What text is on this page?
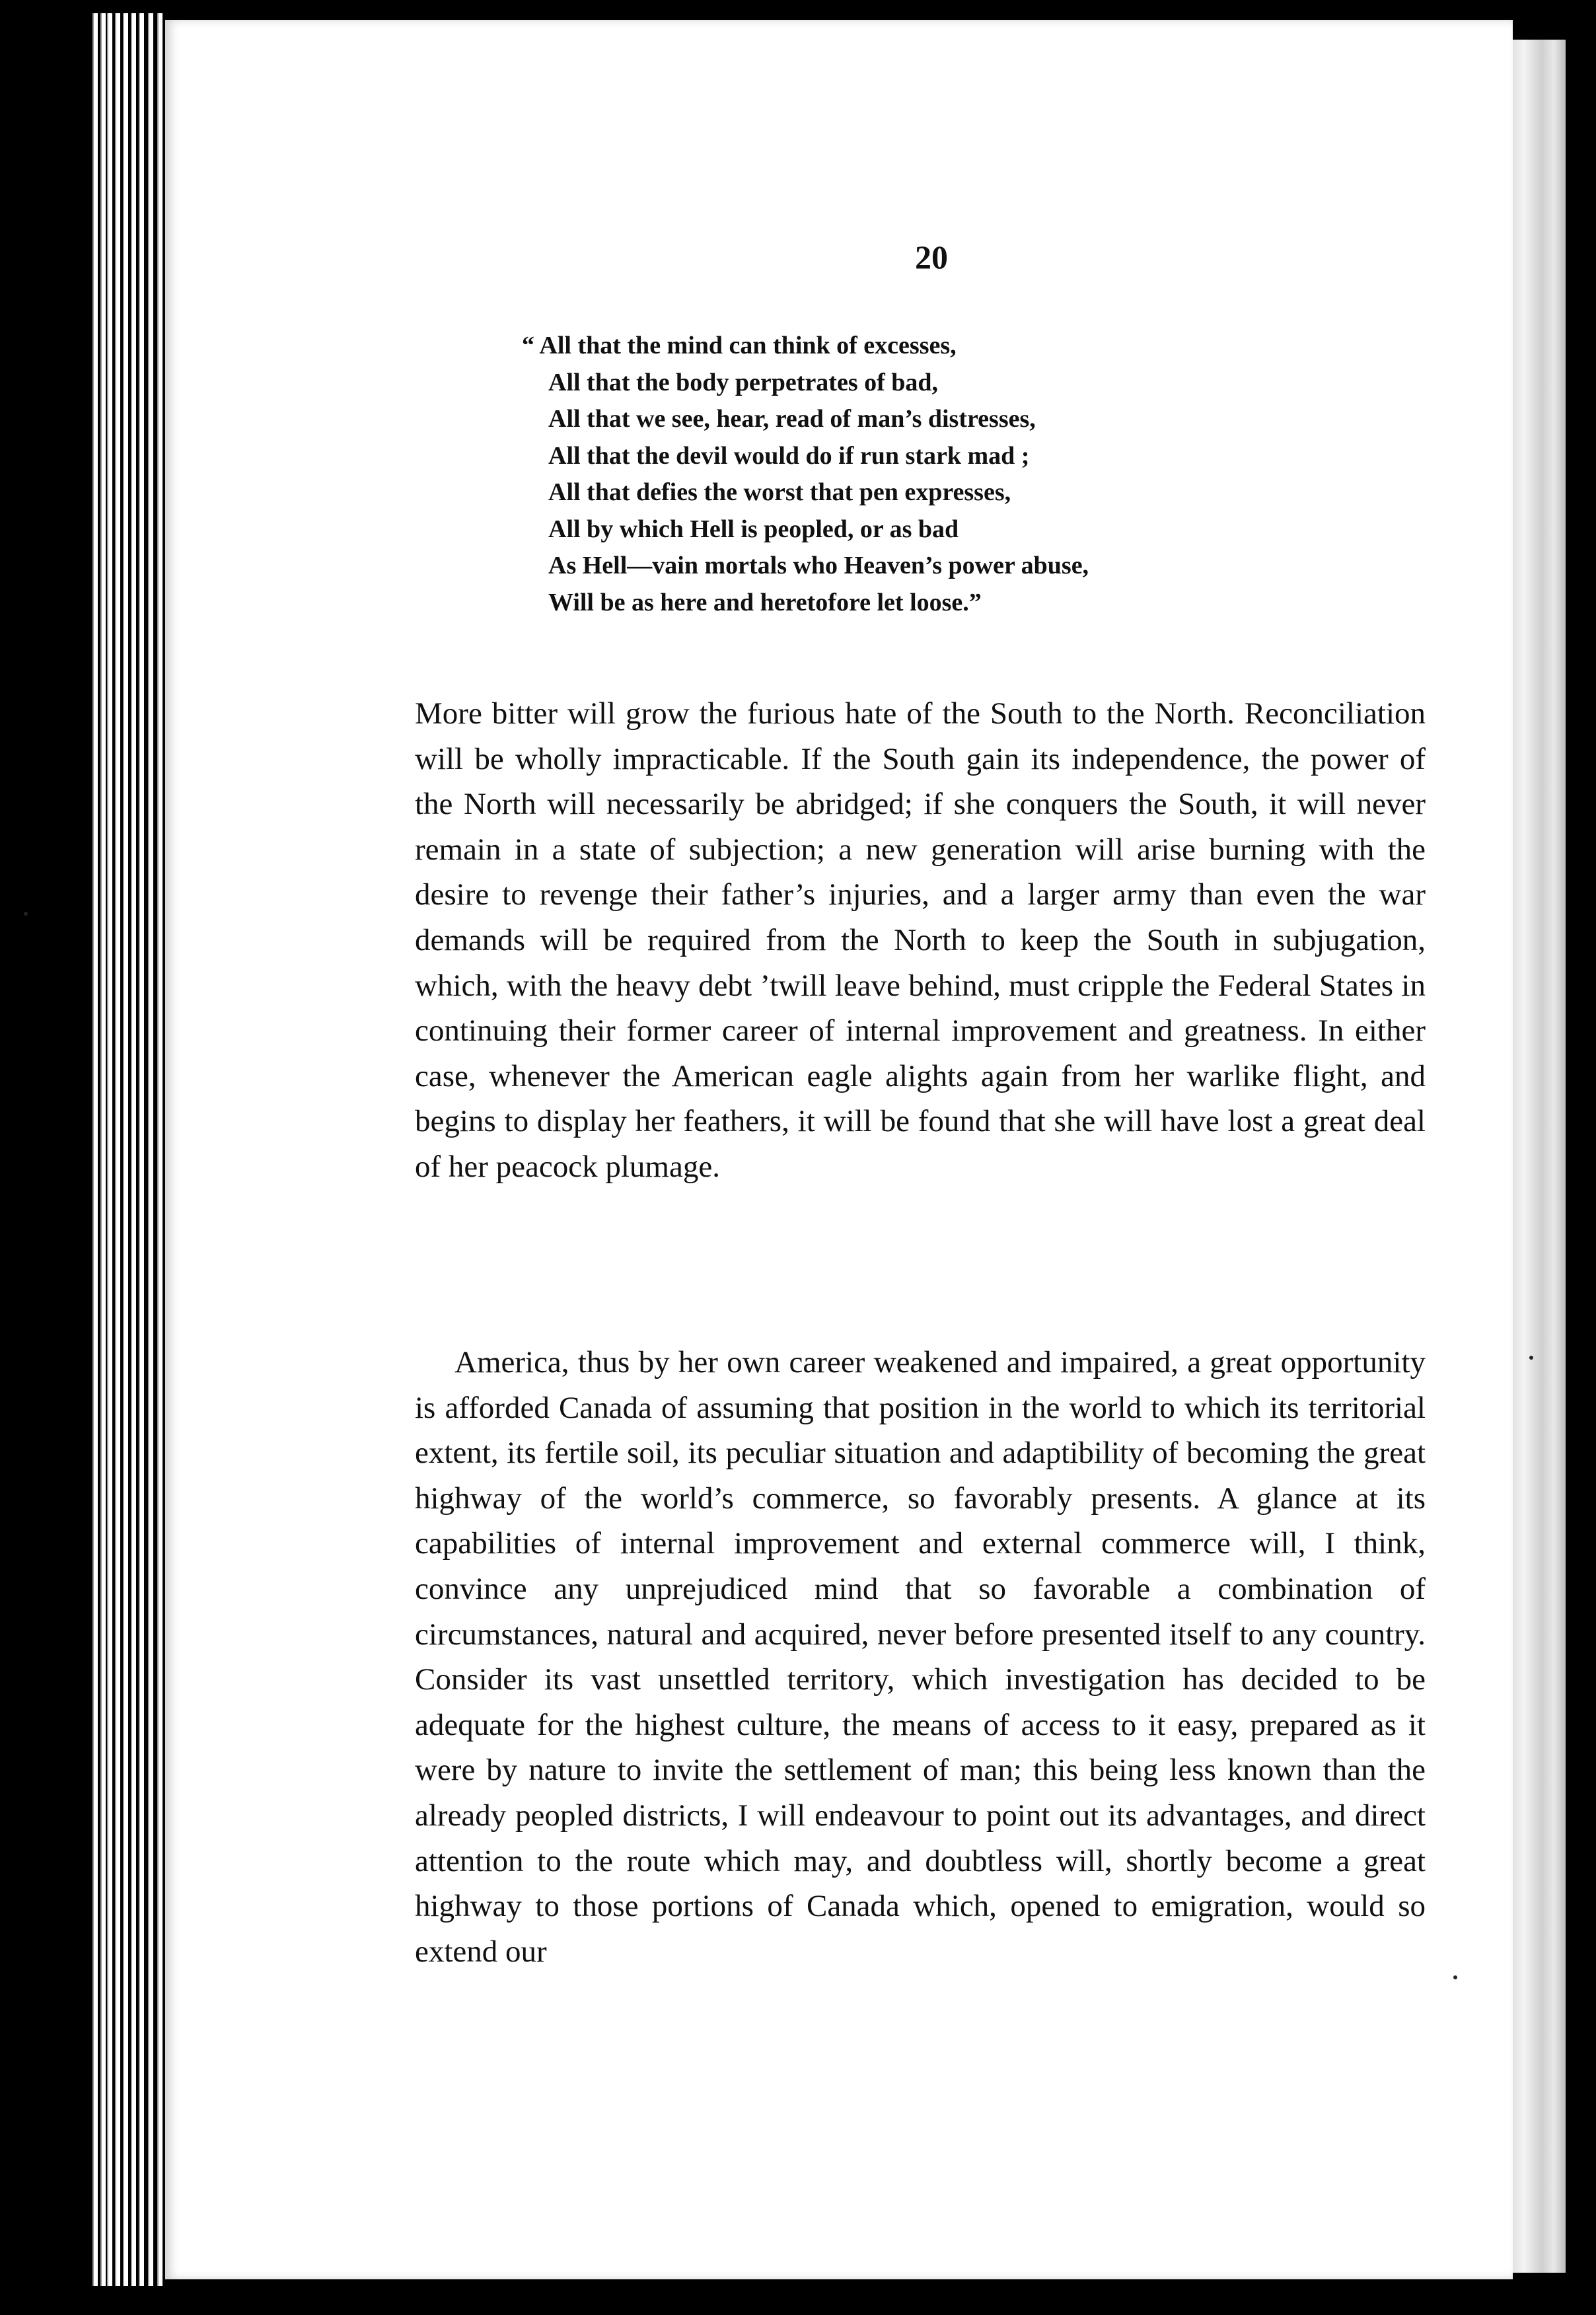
20
“ All that the mind can think of excesses,
All that the body perpetrates of bad,
All that we see, hear, read of man’s distresses,
All that the devil would do if run stark mad ;
All that defies the worst that pen expresses,
All by which Hell is peopled, or as bad
As Hell—vain mortals who Heaven’s power abuse,
Will be as here and heretofore let loose.”

More bitter will grow the furious hate of the South to the North. Reconciliation will be wholly impracticable. If the South gain its independence, the power of the North will necessarily be abridged; if she conquers the South, it will never remain in a state of subjection; a new generation will arise burning with the desire to revenge their father’s injuries, and a larger army than even the war demands will be required from the North to keep the South in subjugation, which, with the heavy debt ’twill leave behind, must cripple the Federal States in continuing their former career of internal improvement and greatness. In either case, whenever the American eagle alights again from her warlike flight, and begins to display her feathers, it will be found that she will have lost a great deal of her peacock plumage.

America, thus by her own career weakened and impaired, a great opportunity is afforded Canada of assuming that position in the world to which its territorial extent, its fertile soil, its peculiar situation and adaptibility of becoming the great highway of the world’s commerce, so favorably presents. A glance at its capabilities of internal improvement and external commerce will, I think, convince any unprejudiced mind that so favorable a combination of circumstances, natural and acquired, never before presented itself to any country. Consider its vast unsettled territory, which investigation has decided to be adequate for the highest culture, the means of access to it easy, prepared as it were by nature to invite the settlement of man; this being less known than the already peopled districts, I will endeavour to point out its advantages, and direct attention to the route which may, and doubtless will, shortly become a great highway to those portions of Canada which, opened to emigration, would so extend our
